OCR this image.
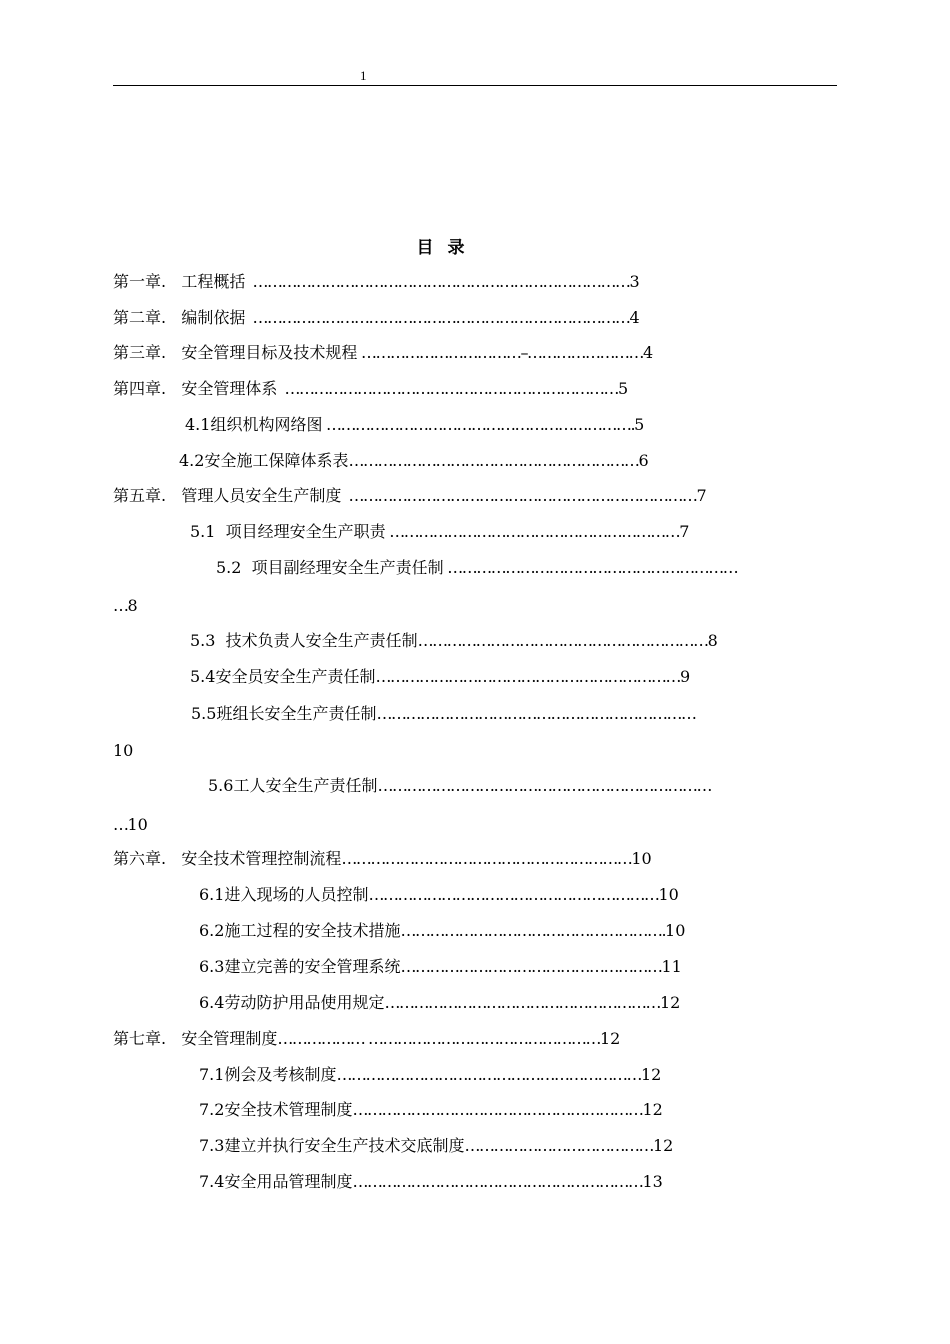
1
目 录
第一章.   工程概括  ……………………………………………………………………3
第二章.   编制依据  ……………………………………………………………………4
第三章.   安全管理目标及技术规程 ……………………………–……………………4
第四章.   安全管理体系  ……………………………………………………………5
4.1组织机构网络图 ……………………………………………………….5
4.2安全施工保障体系表……………………………………………………6
第五章.   管理人员安全生产制度  ………………………………………………………………7
5.1  项目经理安全生产职责 ……………………………………………………7
5.2  项目副经理安全生产责任制 ……………………………………………………
…8
5.3  技术负责人安全生产责任制……………………………………………………8
5.4安全员安全生产责任制………………………………………………………9
5.5班组长安全生产责任制…………………………………………………………
10
5.6工人安全生产责任制……………………………………………………………
…10
第六章.   安全技术管理控制流程……………………………………………………10
6.1进入现场的人员控制……………………………………………………10
6.2施工过程的安全技术措施……………………………………………….10
6.3建立完善的安全管理系统………………………………………………11
6.4劳动防护用品使用规定…………………………………………………12
第七章.   安全管理制度……………… …………………………………………12
7.1例会及考核制度………………………………………………………12
7.2安全技术管理制度……………………………………………………12
7.3建立并执行安全生产技术交底制度…………………………………12
7.4安全用品管理制度……………………………………………………13
